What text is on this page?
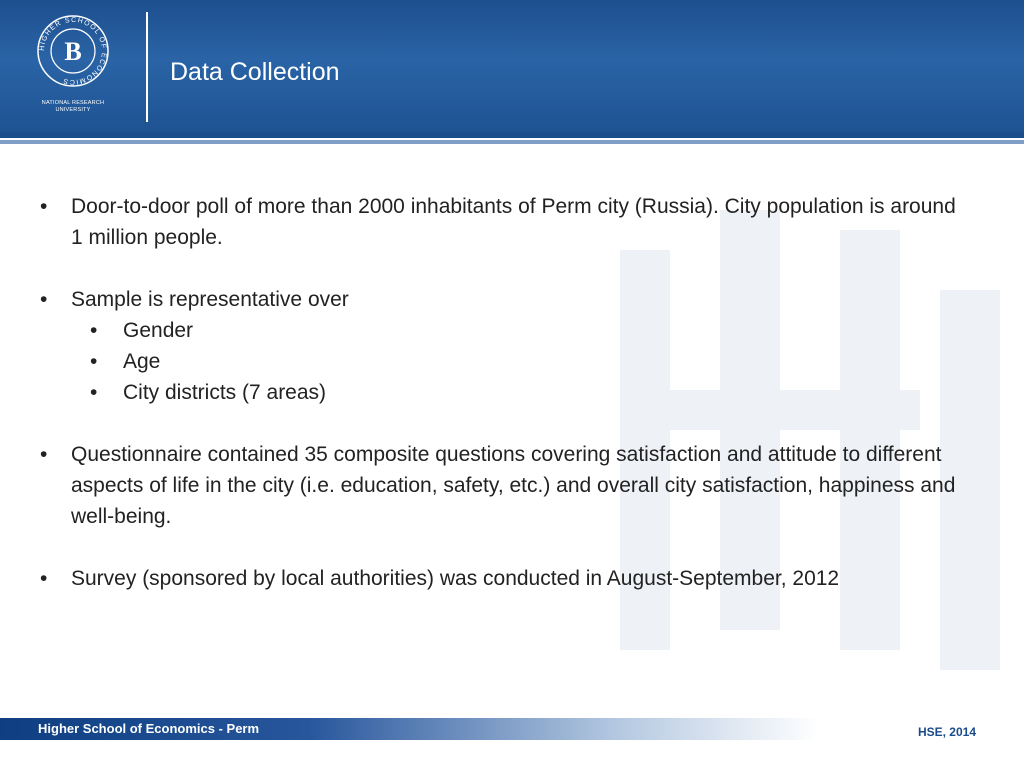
HIGHER SCHOOL OF ECONOMICS
B
NATIONAL RESEARCH
UNIVERSITY
Data Collection
• Door-to-door poll of more than 2000 inhabitants of Perm city (Russia). City population is around 1 million people.
• Sample is representative over
• Gender
• Age
• City districts (7 areas)
• Questionnaire contained 35 composite questions covering satisfaction and attitude to different aspects of life in the city (i.e. education, safety, etc.) and overall city satisfaction, happiness and well-being.
• Survey (sponsored by local authorities) was conducted in August-September, 2012
Higher School of Economics - Perm	HSE, 2014
